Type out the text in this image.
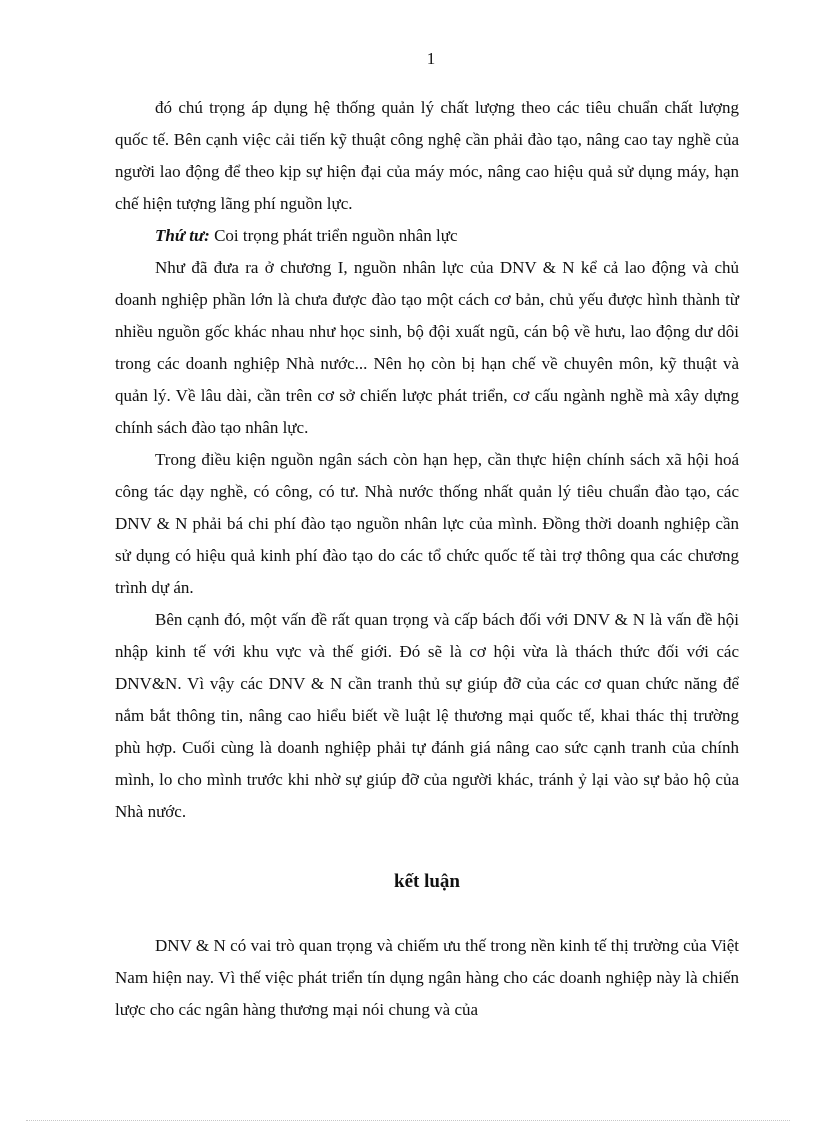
1

đó chú trọng áp dụng hệ thống quản lý chất lượng theo các tiêu chuẩn chất lượng quốc tế. Bên cạnh việc cải tiến kỹ thuật công nghệ cần phải đào tạo, nâng cao tay nghề của người lao động để theo kịp sự hiện đại của máy móc, nâng cao hiệu quả sử dụng máy, hạn chế hiện tượng lãng phí nguồn lực.

Thứ tư: Coi trọng phát triển nguồn nhân lực

Như đã đưa ra ở chương I, nguồn nhân lực của DNV & N kể cả lao động và chủ doanh nghiệp phần lớn là chưa được đào tạo một cách cơ bản, chủ yếu được hình thành từ nhiều nguồn gốc khác nhau như học sinh, bộ đội xuất ngũ, cán bộ về hưu, lao động dư dôi trong các doanh nghiệp Nhà nước... Nên họ còn bị hạn chế về chuyên môn, kỹ thuật và quản lý. Về lâu dài, cần trên cơ sở chiến lược phát triển, cơ cấu ngành nghề mà xây dựng chính sách đào tạo nhân lực.

Trong điều kiện nguồn ngân sách còn hạn hẹp, cần thực hiện chính sách xã hội hoá công tác dạy nghề, có công, có tư. Nhà nước thống nhất quản lý tiêu chuẩn đào tạo, các DNV & N phải bá chi phí đào tạo nguồn nhân lực của mình. Đồng thời doanh nghiệp cần sử dụng có hiệu quả kinh phí đào tạo do các tổ chức quốc tế tài trợ thông qua các chương trình dự án.

Bên cạnh đó, một vấn đề rất quan trọng và cấp bách đối với DNV & N là vấn đề hội nhập kinh tế với khu vực và thế giới. Đó sẽ là cơ hội vừa là thách thức đối với các DNV&N. Vì vậy các DNV & N cần tranh thủ sự giúp đỡ của các cơ quan chức năng để nắm bắt thông tin, nâng cao hiểu biết về luật lệ thương mại quốc tế, khai thác thị trường phù hợp. Cuối cùng là doanh nghiệp phải tự đánh giá nâng cao sức cạnh tranh của chính mình, lo cho mình trước khi nhờ sự giúp đỡ của người khác, tránh ỷ lại vào sự bảo hộ của Nhà nước.

kết luận

DNV & N có vai trò quan trọng và chiếm ưu thế trong nền kinh tế thị trường của Việt Nam hiện nay. Vì thế việc phát triển tín dụng ngân hàng cho các doanh nghiệp này là chiến lược cho các ngân hàng thương mại nói chung và của
